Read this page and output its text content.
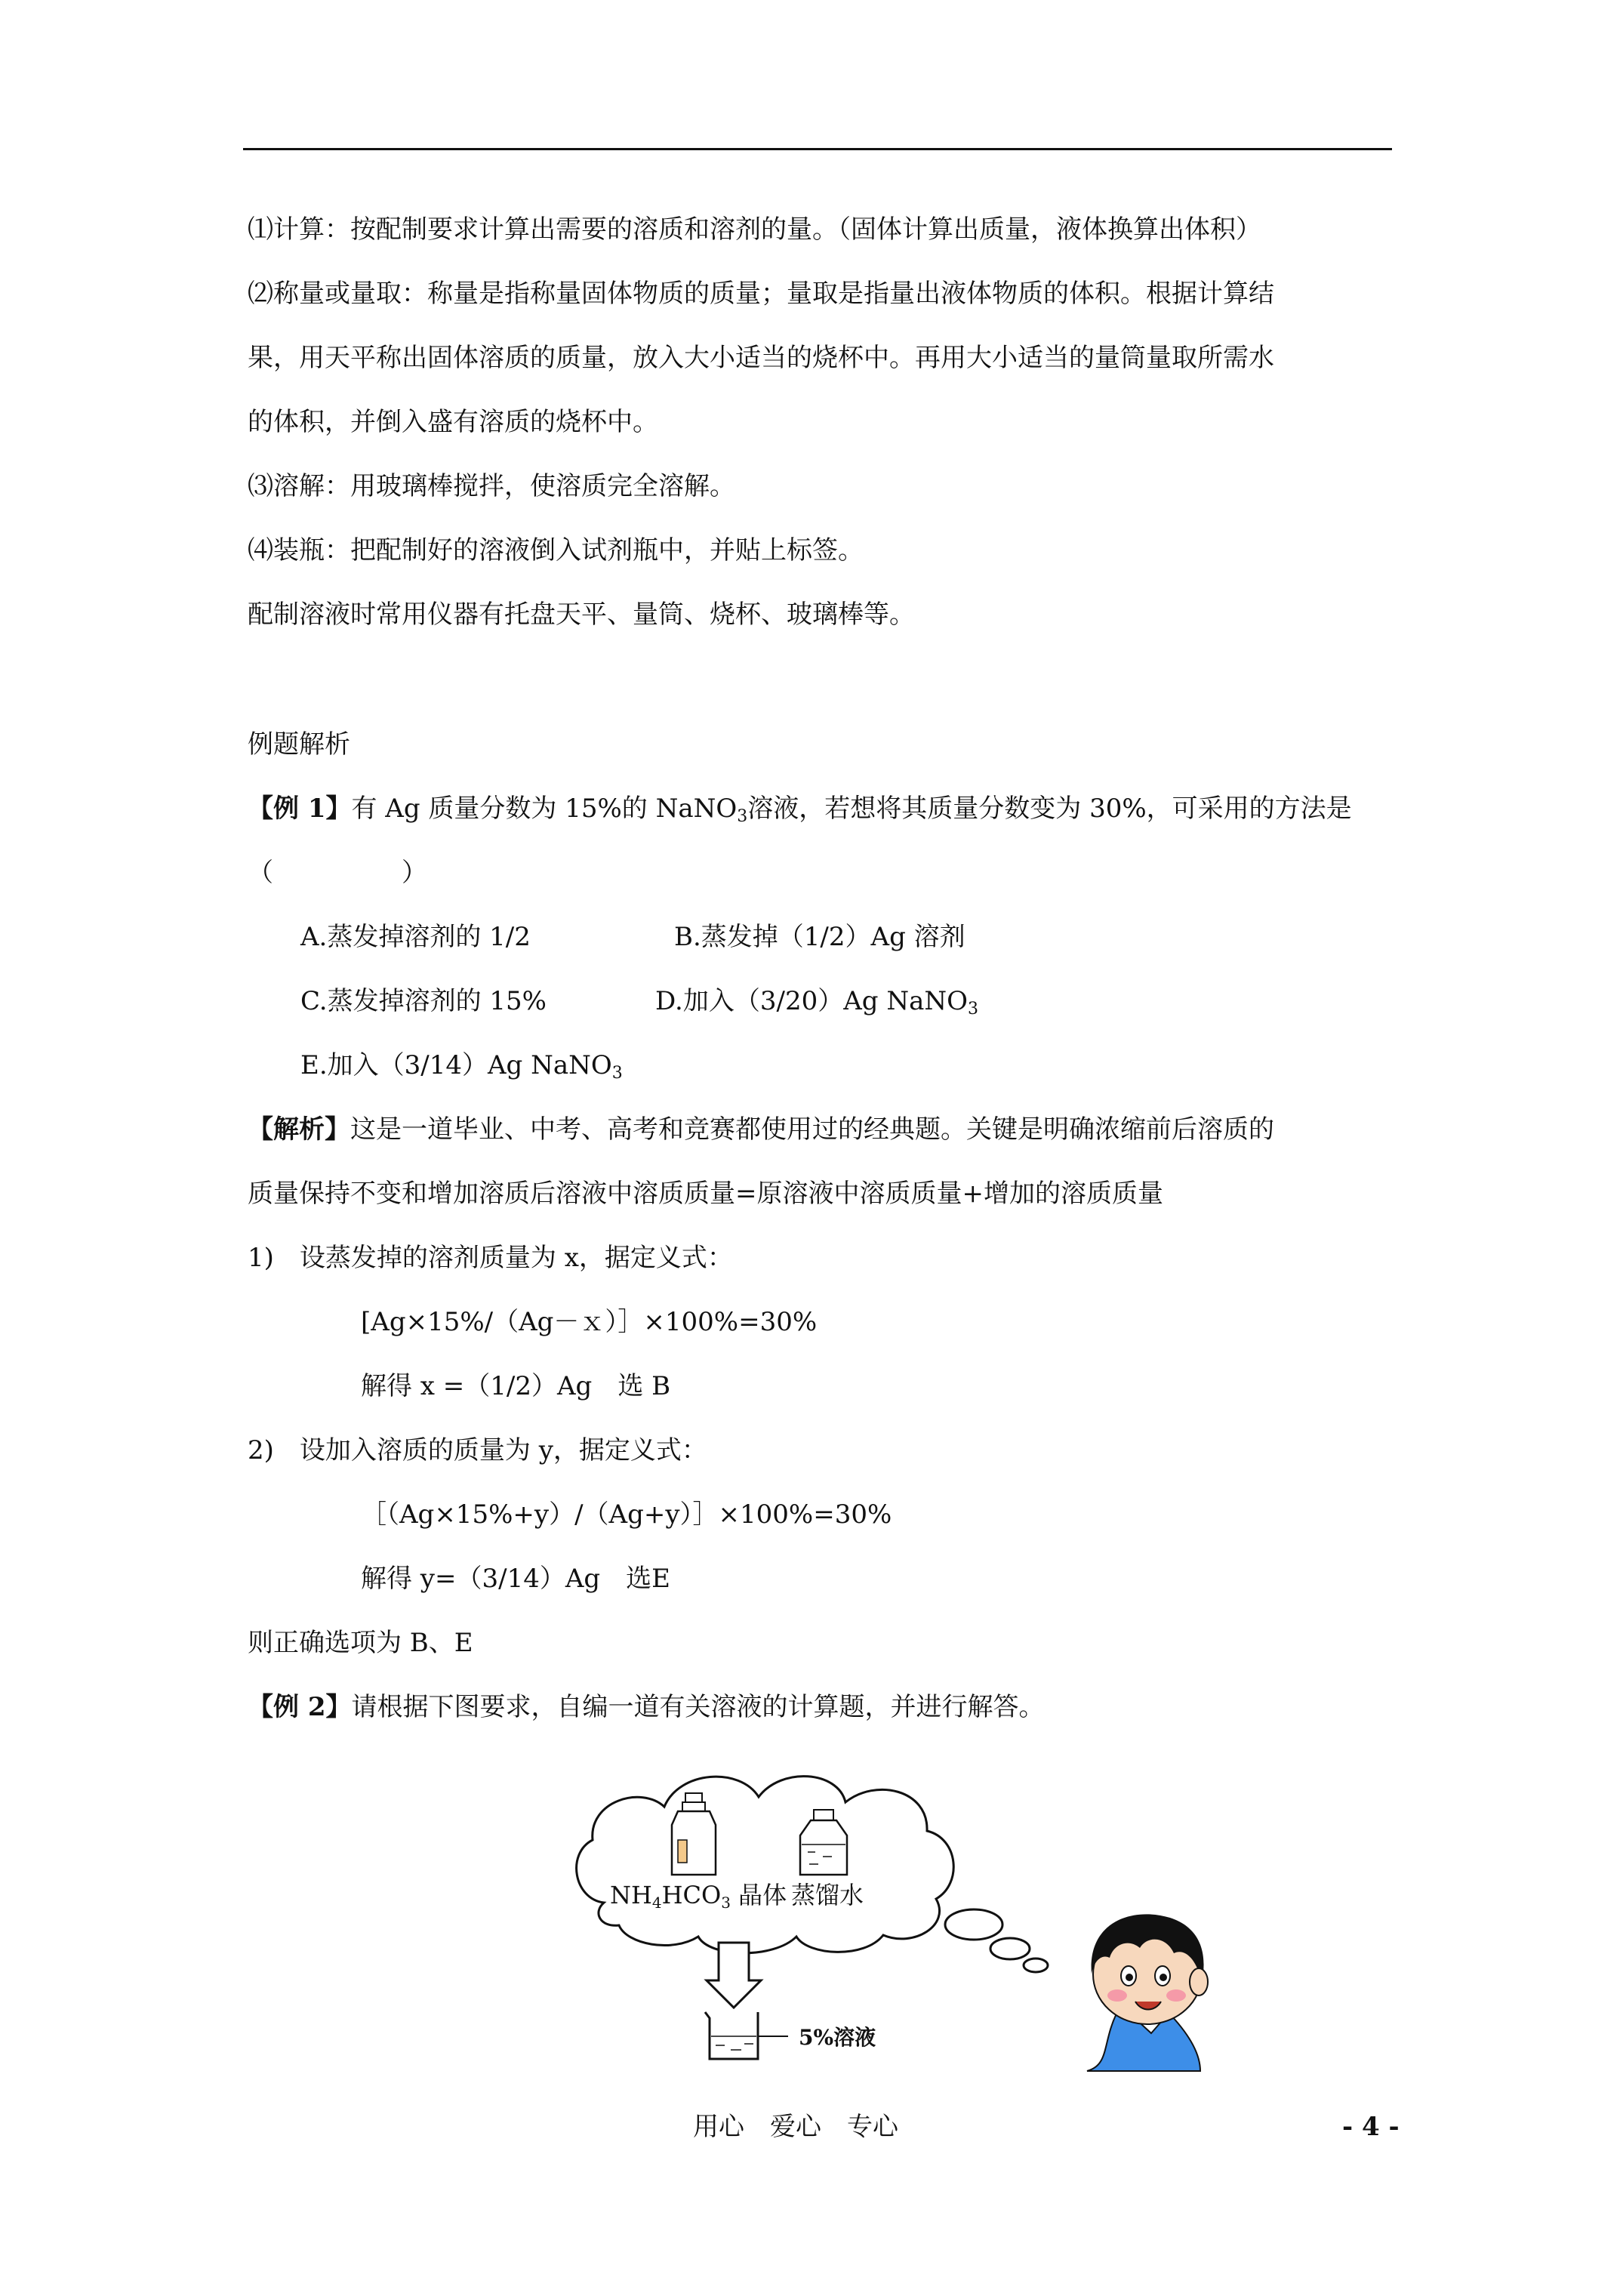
⑴计算：按配制要求计算出需要的溶质和溶剂的量。（固体计算出质量，液体换算出体积）
⑵称量或量取：称量是指称量固体物质的质量；量取是指量出液体物质的体积。根据计算结
果，用天平称出固体溶质的质量，放入大小适当的烧杯中。再用大小适当的量筒量取所需水
的体积，并倒入盛有溶质的烧杯中。
⑶溶解：用玻璃棒搅拌，使溶质完全溶解。
⑷装瓶：把配制好的溶液倒入试剂瓶中，并贴上标签。
配制溶液时常用仪器有托盘天平、量筒、烧杯、玻璃棒等。
例题解析
【例 1】有 Ag 质量分数为 15%的 NaNO$_3$溶液，若想将其质量分数变为 30%，可采用的方法是
（　　　　　）
A.蒸发掉溶剂的 1/2	B.蒸发掉（1/2）Ag 溶剂
C.蒸发掉溶剂的 15%	D.加入（3/20）Ag NaNO$_3$
E.加入（3/14）Ag NaNO$_3$
【解析】这是一道毕业、中考、高考和竞赛都使用过的经典题。关键是明确浓缩前后溶质的
质量保持不变和增加溶质后溶液中溶质质量=原溶液中溶质质量+增加的溶质质量
1)　设蒸发掉的溶剂质量为 x，据定义式：
[Ag×15%/（Ag－ｘ）］×100%=30%
解得 x =（1/2）Ag　选 B
2)　设加入溶质的质量为 y，据定义式：
［（Ag×15%+y）/（Ag+y）］×100%=30%
解得 y=（3/14）Ag　选E
则正确选项为 B、E
【例 2】请根据下图要求，自编一道有关溶液的计算题，并进行解答。
$NH_4HCO_3$ 晶体 蒸馏水
5%溶液
用心　爱心　专心	- 4 -
